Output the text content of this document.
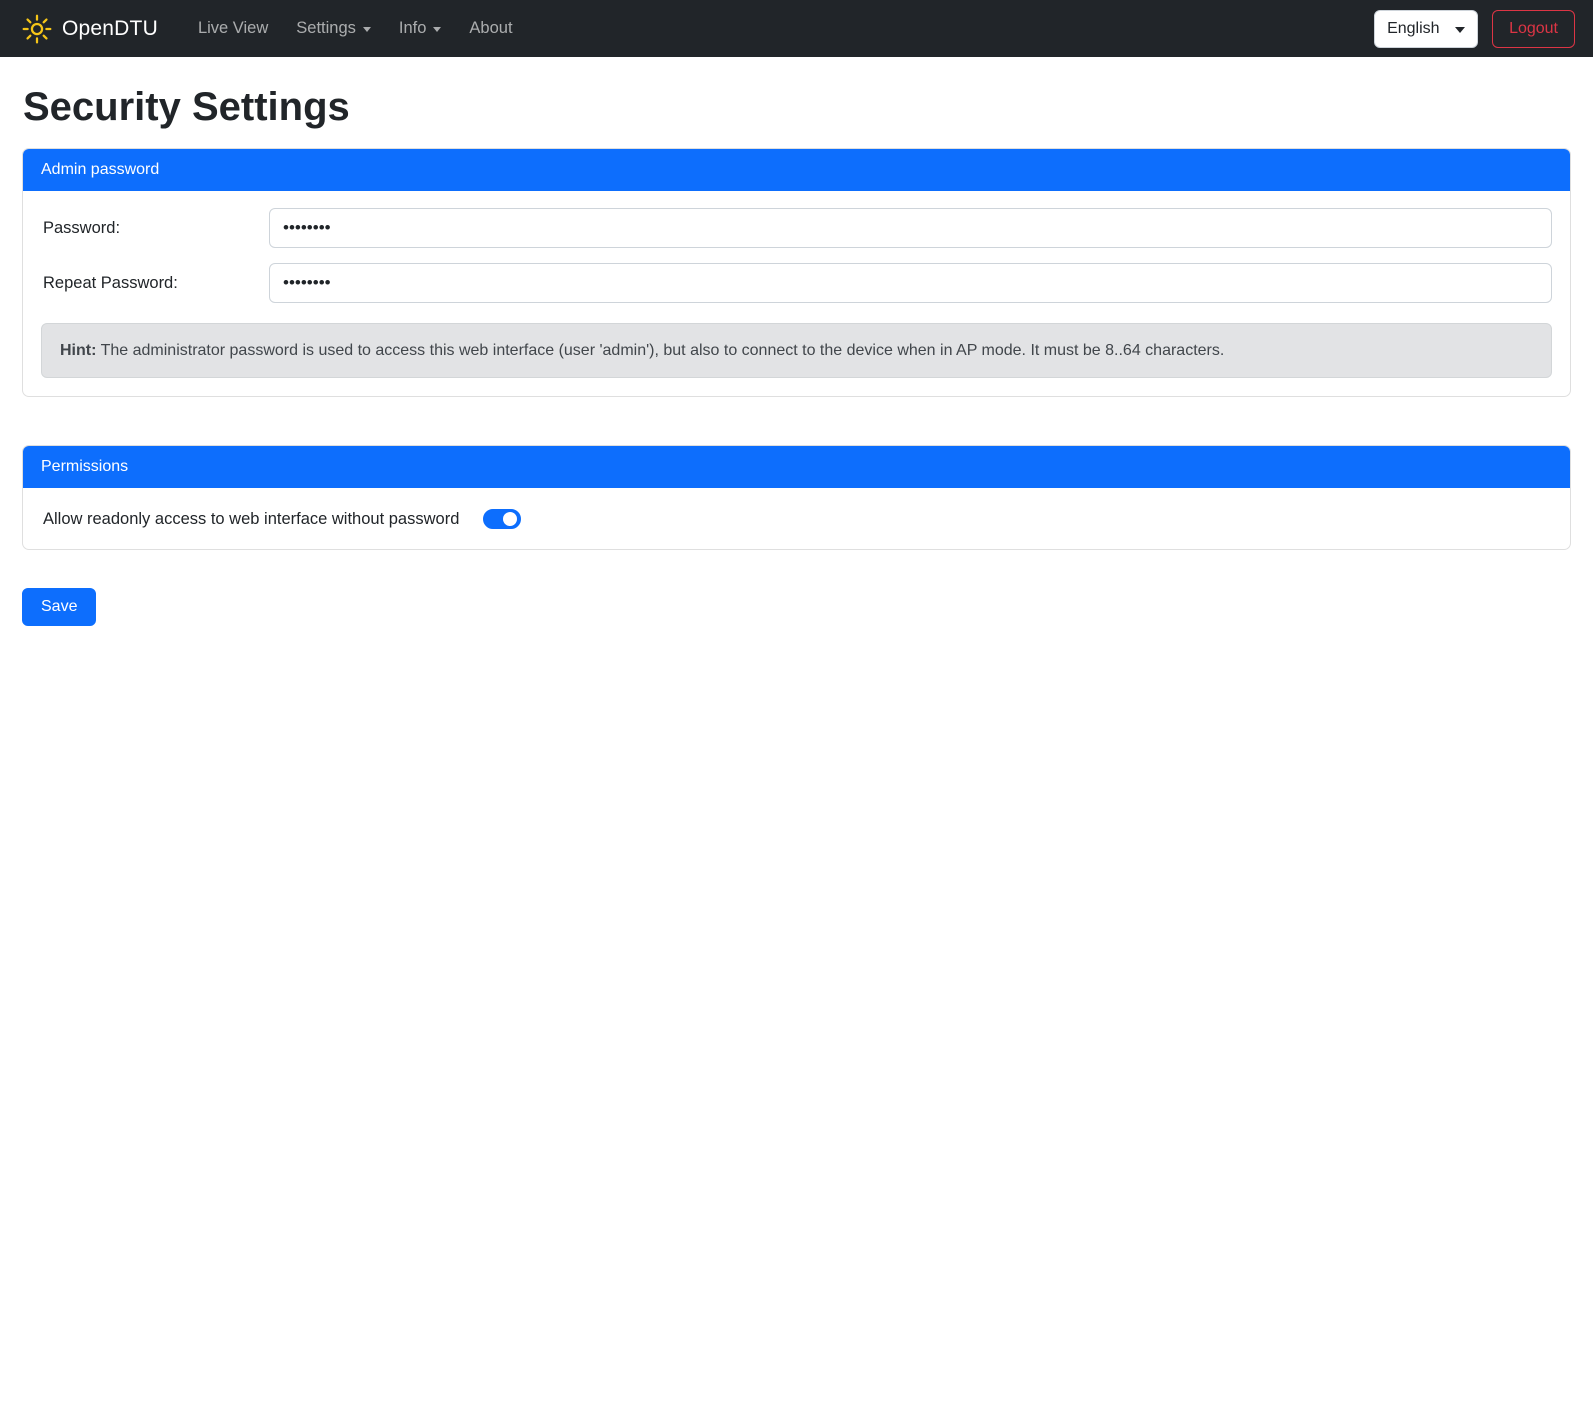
OpenDTU Live View Settings	Info	About
English	Logout
Security Settings
Admin password
Password:
Repeat Password:
Hint: The administrator password is used to access this web interface (user 'admin'), but also to connect to the device when in AP mode. It must be 8..64 characters.
Permissions
Allow readonly access to web interface without password
Save
